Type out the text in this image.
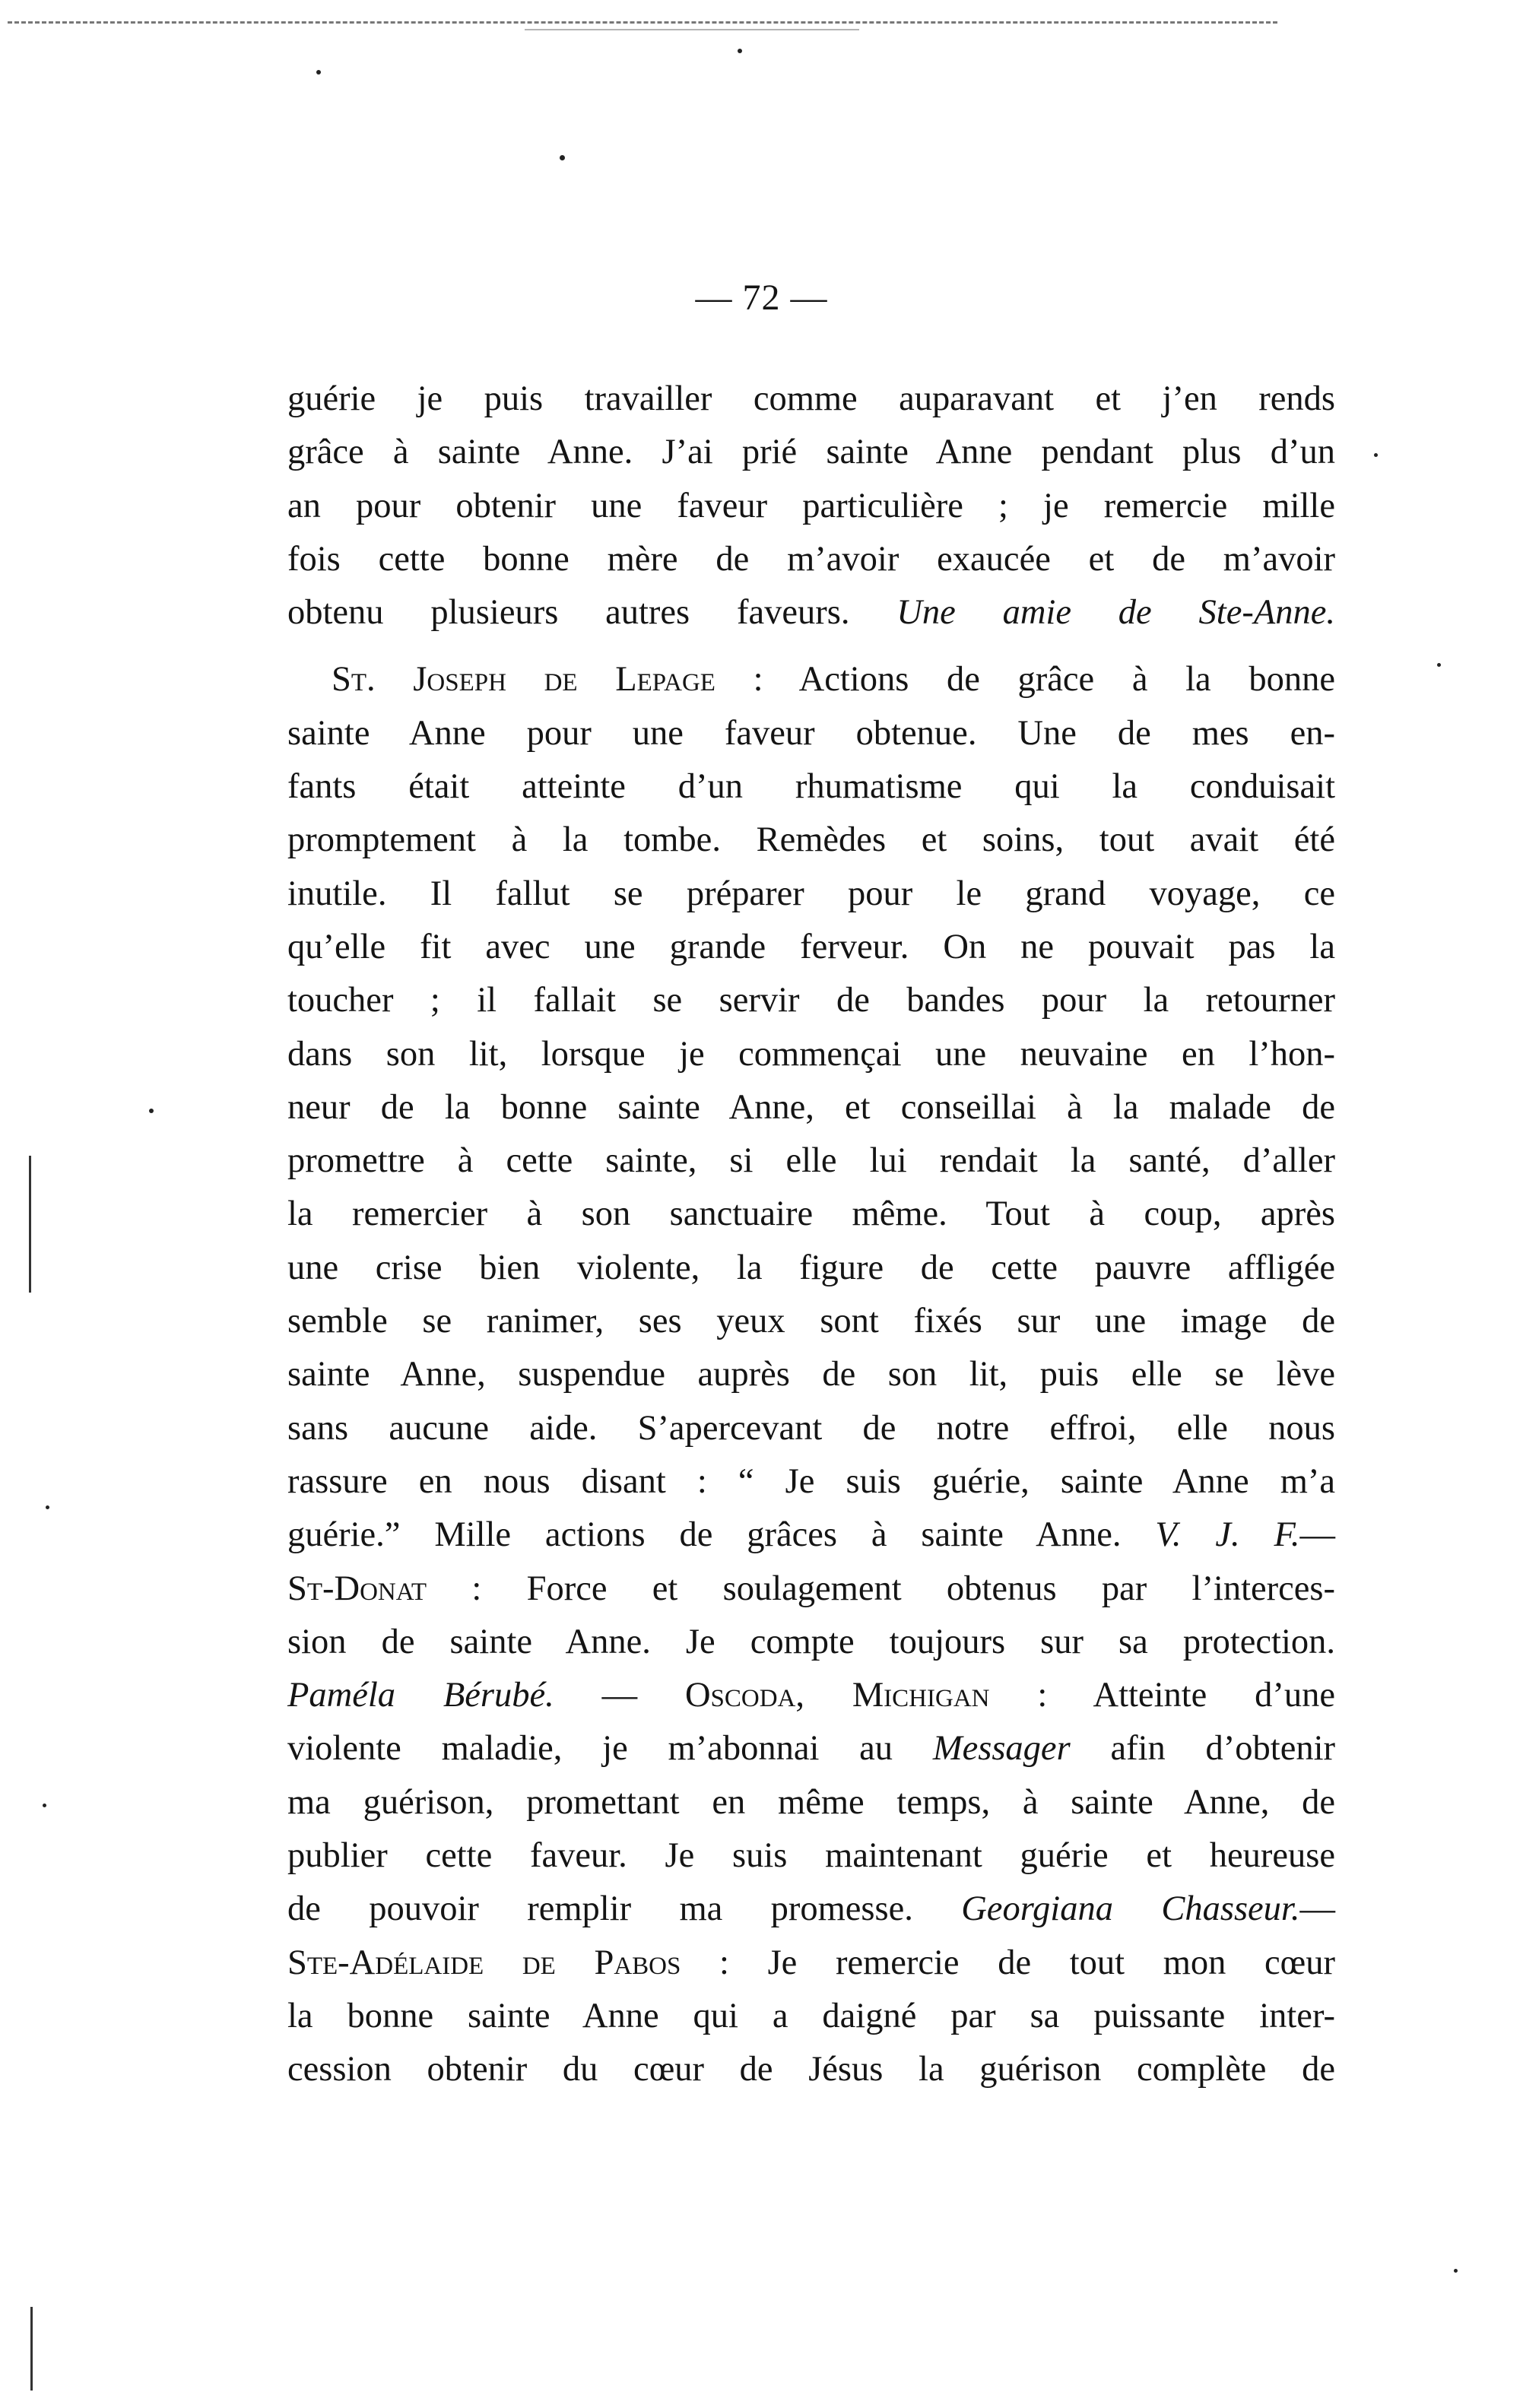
— 72 —
guérie je puis travailler comme auparavant et j’en rends
grâce à sainte Anne. J’ai prié sainte Anne pendant plus d’un
an pour obtenir une faveur particulière ; je remercie mille
fois cette bonne mère de m’avoir exaucée et de m’avoir
obtenu plusieurs autres faveurs. Une amie de Ste-Anne.
St. Joseph de Lepage : Actions de grâce à la bonne
sainte Anne pour une faveur obtenue. Une de mes en-
fants était atteinte d’un rhumatisme qui la conduisait
promptement à la tombe. Remèdes et soins, tout avait été
inutile. Il fallut se préparer pour le grand voyage, ce
qu’elle fit avec une grande ferveur. On ne pouvait pas la
toucher ; il fallait se servir de bandes pour la retourner
dans son lit, lorsque je commençai une neuvaine en l’hon-
neur de la bonne sainte Anne, et conseillai à la malade de
promettre à cette sainte, si elle lui rendait la santé, d’aller
la remercier à son sanctuaire même. Tout à coup, après
une crise bien violente, la figure de cette pauvre affligée
semble se ranimer, ses yeux sont fixés sur une image de
sainte Anne, suspendue auprès de son lit, puis elle se lève
sans aucune aide. S’apercevant de notre effroi, elle nous
rassure en nous disant : “ Je suis guérie, sainte Anne m’a
guérie.” Mille actions de grâces à sainte Anne. V. J. F.—
St-Donat : Force et soulagement obtenus par l’interces-
sion de sainte Anne. Je compte toujours sur sa protection.
Paméla Bérubé. — Oscoda, Michigan : Atteinte d’une
violente maladie, je m’abonnai au Messager afin d’obtenir
ma guérison, promettant en même temps, à sainte Anne, de
publier cette faveur. Je suis maintenant guérie et heureuse
de pouvoir remplir ma promesse. Georgiana Chasseur.—
Ste-Adélaide de Pabos : Je remercie de tout mon cœur
la bonne sainte Anne qui a daigné par sa puissante inter-
cession obtenir du cœur de Jésus la guérison complète de
